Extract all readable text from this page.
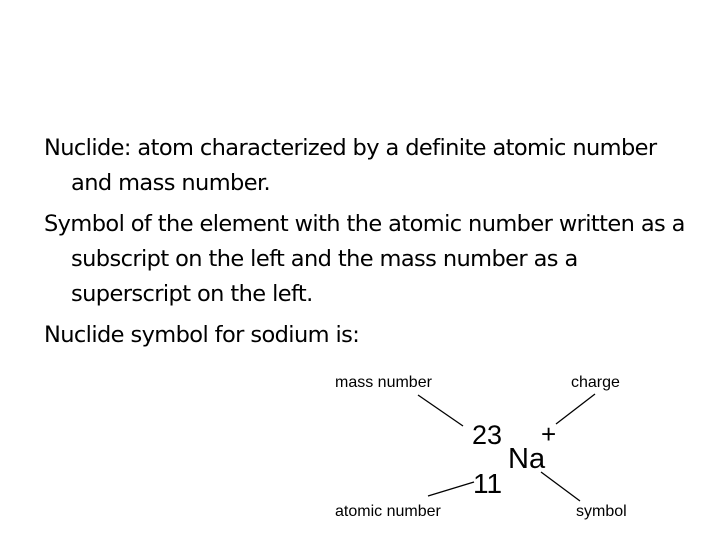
Nuclide: atom characterized by a definite atomic number and mass number.

Symbol of the element with the atomic number written as a subscript on the left and the mass number as a superscript on the left.

Nuclide symbol for sodium is:

mass number	charge
atomic number	symbol
23 +
Na
11
